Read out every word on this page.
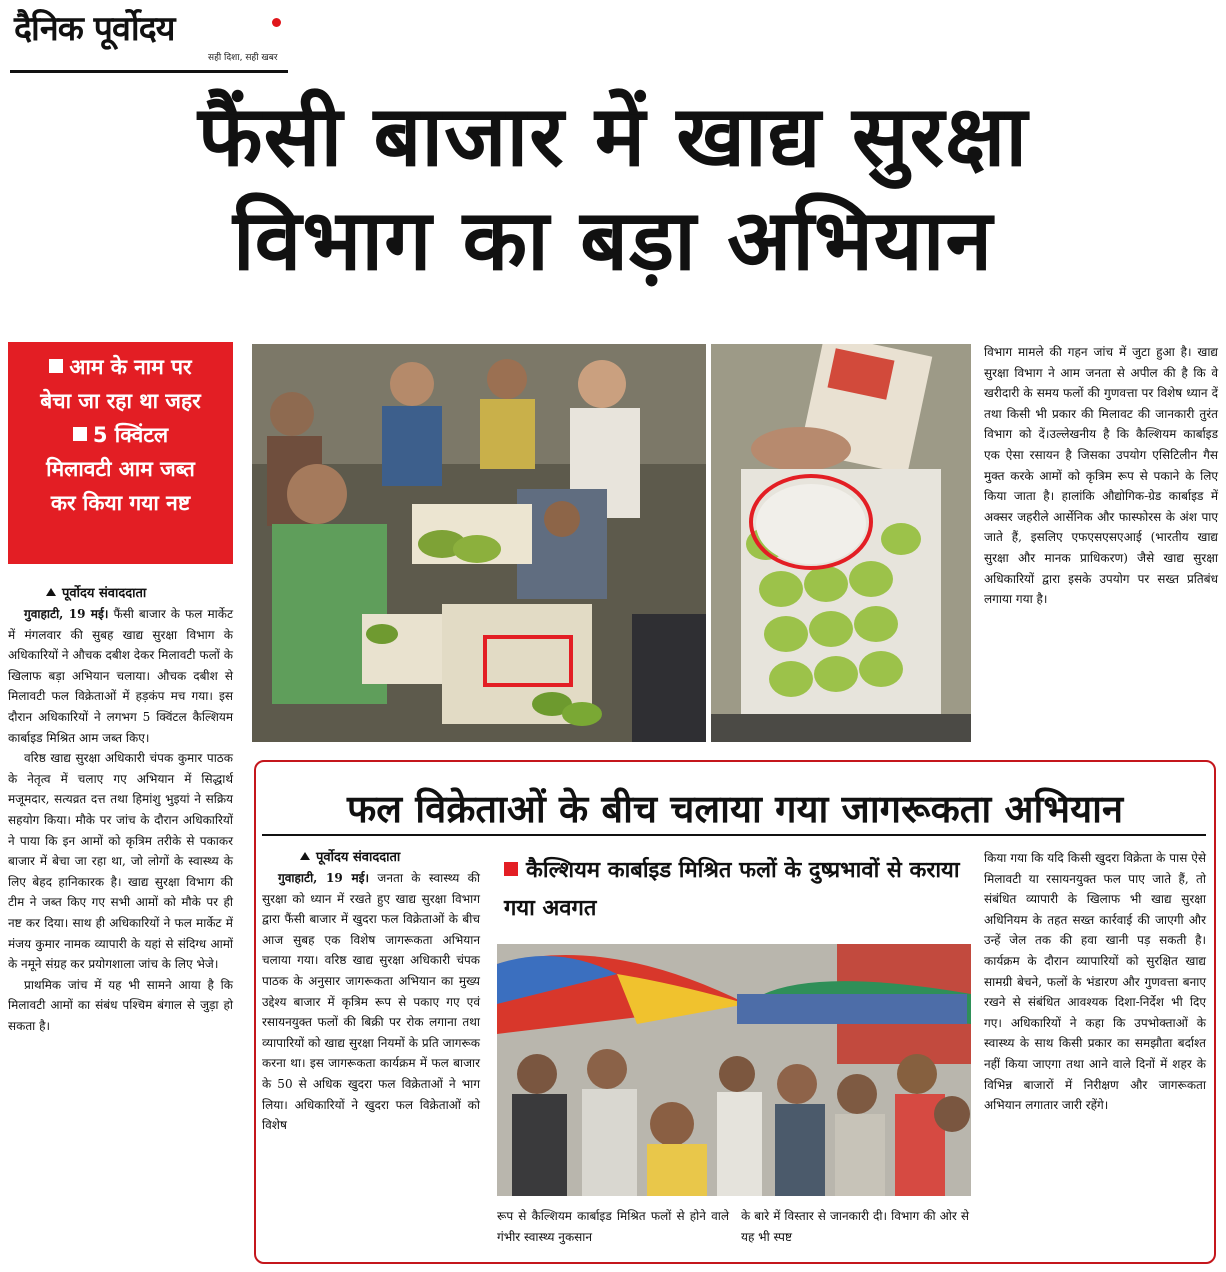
दैनिक पूर्वोदय
सही दिशा, सही खबर
फैंसी बाजार में खाद्य सुरक्षा
विभाग का बड़ा अभियान
आम के नाम पर
बेचा जा रहा था जहर
5 क्विंटल
मिलावटी आम जब्त
कर किया गया नष्ट
पूर्वोदय संवाददाता

गुवाहाटी, 19 मई। फैंसी बाजार के फल मार्केट में मंगलवार की सुबह खाद्य सुरक्षा विभाग के अधिकारियों ने औचक दबीश देकर मिलावटी फलों के खिलाफ बड़ा अभियान चलाया। औचक दबीश से मिलावटी फल विक्रेताओं में हड़कंप मच गया। इस दौरान अधिकारियों ने लगभग 5 क्विंटल कैल्शियम कार्बाइड मिश्रित आम जब्त किए।

वरिष्ठ खाद्य सुरक्षा अधिकारी चंपक कुमार पाठक के नेतृत्व में चलाए गए अभियान में सिद्धार्थ मजूमदार, सत्यव्रत दत्त तथा हिमांशु भुइयां ने सक्रिय सहयोग किया। मौके पर जांच के दौरान अधिकारियों ने पाया कि इन आमों को कृत्रिम तरीके से पकाकर बाजार में बेचा जा रहा था, जो लोगों के स्वास्थ्य के लिए बेहद हानिकारक है। खाद्य सुरक्षा विभाग की टीम ने जब्त किए गए सभी आमों को मौके पर ही नष्ट कर दिया। साथ ही अधिकारियों ने फल मार्केट में मंजय कुमार नामक व्यापारी के यहां से संदिग्ध आमों के नमूने संग्रह कर प्रयोगशाला जांच के लिए भेजे।

प्राथमिक जांच में यह भी सामने आया है कि मिलावटी आमों का संबंध पश्चिम बंगाल से जुड़ा हो सकता है।

विभाग मामले की गहन जांच में जुटा हुआ है। खाद्य सुरक्षा विभाग ने आम जनता से अपील की है कि वे खरीदारी के समय फलों की गुणवत्ता पर विशेष ध्यान दें तथा किसी भी प्रकार की मिलावट की जानकारी तुरंत विभाग को दें।उल्लेखनीय है कि कैल्शियम कार्बाइड एक ऐसा रसायन है जिसका उपयोग एसिटिलीन गैस मुक्त करके आमों को कृत्रिम रूप से पकाने के लिए किया जाता है। हालांकि औद्योगिक-ग्रेड कार्बाइड में अक्सर जहरीले आर्सेनिक और फास्फोरस के अंश पाए जाते हैं, इसलिए एफएसएसएआई (भारतीय खाद्य सुरक्षा और मानक प्राधिकरण) जैसे खाद्य सुरक्षा अधिकारियों द्वारा इसके उपयोग पर सख्त प्रतिबंध लगाया गया है।

फल विक्रेताओं के बीच चलाया गया जागरूकता अभियान
पूर्वोदय संवाददाता

गुवाहाटी, 19 मई। जनता के स्वास्थ्य की सुरक्षा को ध्यान में रखते हुए खाद्य सुरक्षा विभाग द्वारा फैंसी बाजार में खुदरा फल विक्रेताओं के बीच आज सुबह एक विशेष जागरूकता अभियान चलाया गया। वरिष्ठ खाद्य सुरक्षा अधिकारी चंपक पाठक के अनुसार जागरूकता अभियान का मुख्य उद्देश्य बाजार में कृत्रिम रूप से पकाए गए एवं रसायनयुक्त फलों की बिक्री पर रोक लगाना तथा व्यापारियों को खाद्य सुरक्षा नियमों के प्रति जागरूक करना था। इस जागरूकता कार्यक्रम में फल बाजार के 50 से अधिक खुदरा फल विक्रेताओं ने भाग लिया। अधिकारियों ने खुदरा फल विक्रेताओं को विशेष

कैल्शियम कार्बाइड मिश्रित फलों के दुष्प्रभावों से कराया गया अवगत
रूप से कैल्शियम कार्बाइड मिश्रित फलों से होने वाले गंभीर स्वास्थ्य नुकसान
के बारे में विस्तार से जानकारी दी। विभाग की ओर से यह भी स्पष्ट

किया गया कि यदि किसी खुदरा विक्रेता के पास ऐसे मिलावटी या रसायनयुक्त फल पाए जाते हैं, तो संबंधित व्यापारी के खिलाफ भी खाद्य सुरक्षा अधिनियम के तहत सख्त कार्रवाई की जाएगी और उन्हें जेल तक की हवा खानी पड़ सकती है। कार्यक्रम के दौरान व्यापारियों को सुरक्षित खाद्य सामग्री बेचने, फलों के भंडारण और गुणवत्ता बनाए रखने से संबंधित आवश्यक दिशा-निर्देश भी दिए गए। अधिकारियों ने कहा कि उपभोक्ताओं के स्वास्थ्य के साथ किसी प्रकार का समझौता बर्दाश्त नहीं किया जाएगा तथा आने वाले दिनों में शहर के विभिन्न बाजारों में निरीक्षण और जागरूकता अभियान लगातार जारी रहेंगे।
